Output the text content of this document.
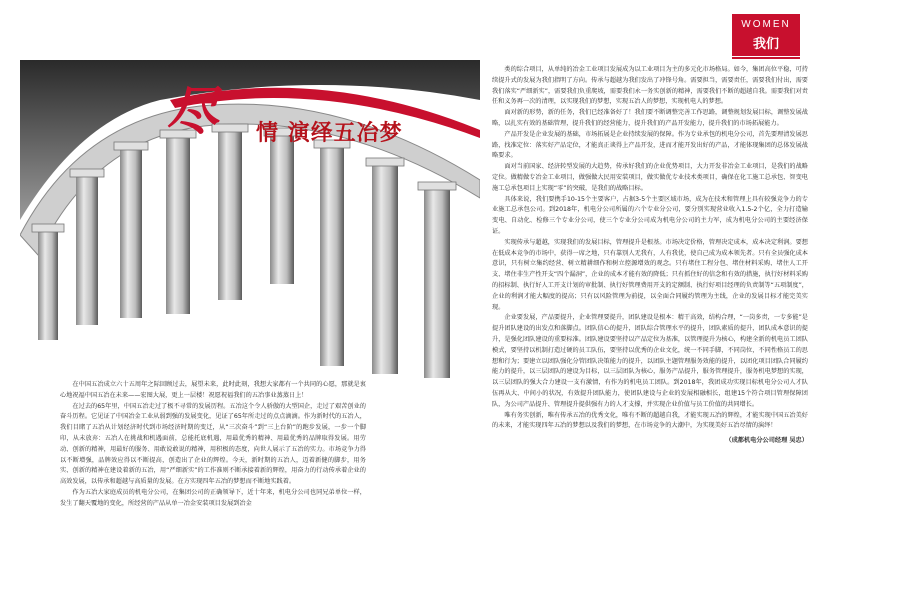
WOMEN
我们
尽 情 演绎五冶梦

在中国五冶成立六十五周年之际回顾过去，展望未来，此时此刻，我想大家都有一个共同的心愿，那就是衷心地祝福中国五冶在未来——宏图大展，更上一层楼！祝愿祝福我们的五冶事业蒸蒸日上！

在过去的65年里，中国五冶走过了极不寻常的发展历程。五冶这个令人骄傲的大型国企，走过了艰苦创业的奋斗历程。它见证了中国冶金工业从弱到强的发展变化，见证了65年所走过的点点滴滴。作为新时代的五冶人，我们目睹了五冶从计划经济时代到市场经济时期的变迁，从“三次奋斗”到“三上台阶”的跑步发展，一步一个脚印，从未放弃：五冶人在挑战和机遇面前，总能托底机遇，用最优秀的精神、用最优秀的品牌取得发展。用劳动、创新的精神，用最好的服务、用敢说敢说的精神，用积极的态度，向世人展示了五冶的实力。市场竞争力得以不断增强，品牌效应得以不断提高，创造出了企业的辉煌。今天，新时期的五冶人，迈着新健的脚步，用务实、创新的精神在建设着新的五冶，用“严细新实”的工作准则不断承接着新的辉煌，用奋力的行动传承着企业的高效发展，以传承和超越与高质量的发展。在方实现四年五冶的梦想而不断地实践着。

作为五冶大家庭成员的机电分公司，在集团公司的正确领导下，近十年来，机电分公司也同兄弟单位一样，发生了翻天覆地的变化，所经营的产品从单一冶金安装项目发展到冶金

类的综合项目，从单纯的冶金工业项目发展成为以工业项目为主的多元化市场格局。如今，集团高位平稳，可持续提升式的发展为我们指明了方向。传承与超越为我们发出了冲锋号角。需要担当，需要责任，需要我们付出，需要我们落实“严细新实”，需要我们负重爬坡，需要我们永一务实创新的精神，需要我们不断的超越自我。需要我们对责任和义务再一次的清理，以实现我们的梦想，实现五冶人的梦想，实现机电人的梦想。

面对新的形势，新的任务，我们已经准备好了！我们要不断调整完善工作思路，调整规划发展目标，调整发展战略，以扎实有效的基础管理，提升我们的经营能力，提升我们的产品开发能力，提升我们的市场拓展能力。

产品开发是企业发展的基础，市场拓展是企业持续发展的保障。作为专业承包的机电分公司，首先要理清发展思路，找准定位：落实好产品定位，才能真正谈得上产品开发，进而才能开发出好的产品，才能体现集团的总体发展战略要求。

面对当前国家、经济转型发展的大趋势，传承好我们的企业优势项目，大力开发非冶金工业项目，是我们的战略定位。做精做专冶金工业项目，做强做大民用安装项目，做实做优专业技术类项目，确保在化工施工总承包、智变电施工总承包项目上实现“零”的突破，是我们的战略目标。

具体来说，我们要携手10-15个主要客户，占据3-5个主要区域市场，成为在技术和管理上具有较强竞争力的专业施工总承包公司。到2018年，机电分公司所属的六个专业分公司，要分别实现营业收入1.5-2个亿，全力打造输变电、自动化、检修三个专业分公司，使三个专业分公司成为机电分公司的主力军，成为机电分公司的主要经济保证。

实现传承与超越，实现我们的发展目标，管理提升是根基。市场决定价格，管理决定成本，成本决定利润。要想在低成本竞争的市场中，获得一席之地，只有靠别人无我有，人有我优，使自己成为成本领先者。只有全员强化成本意识，只有树立集约经营、树立精耕细作和树立控源增效的观念。只有堵住工程分包、堵住材料采购、堵住人工开支、堵住非生产性开支“四个漏洞”，企业的成本才能有效的降低；只有抓住好的信念和有效的措施，执行好材料采购的招标制、执行好人工开支计划的审批制、执行好管理费用开支的定额制、执行好项目经理的负责制等“五项制度”，企业的利润才能大幅度的提高；只有以风险管理为前提，以全面合同履约管理为主线，企业的发展目标才能完美实现。

企业要发展，产品要提升，企业管理要提升，团队建设是根本：精干高效，结构合理，“一岗多责，一专多能”是提升团队建设的出发点和落脚点。团队信心的提升，团队综合管理水平的提升，团队素质的提升，团队成本意识的提升，是强化团队建设的重要标准。团队建设要坚持以产品定位为基准，以管理提升为核心，构建全新的机电员工团队模式，要坚持以机制打造过硬的员工队伍，要坚持以优秀的企业文化，统一不同手脚，不同岗位，不同性格员工的思想和行为；要建立以团队强化分管团队决策能力的提升，以团队主题管理服务效能的提升，以团化项目团队合同履约能力的提升，以三层团队的建设为目标，以三层团队为核心，服务产品提升，服务管理提升，服务机电梦想的实现，以三层团队的强大合力建设一支有激情，有作为的机电员工团队。到2018年，我团成功实现目标机电分公司人才队伍再从大、中间小的状况，有效提升团队能力，使团队建设与企业的发展相融相长，组建15个符合项目管理保障团队，为公司产品提升、管理提升提供强有力的人才支撑，并实现企业价值与员工价值的共同增长。

唯有务实创新，唯有传承五冶的优秀文化，唯有不断的超越自我，才能实现五冶的辉煌，才能实现中国五冶美好的未来，才能实现四年五冶的梦想以及我们的梦想，在市场竞争的大潮中，为实现美好五冶尽情的演绎！

（成都机电分公司经理 吴忠）
